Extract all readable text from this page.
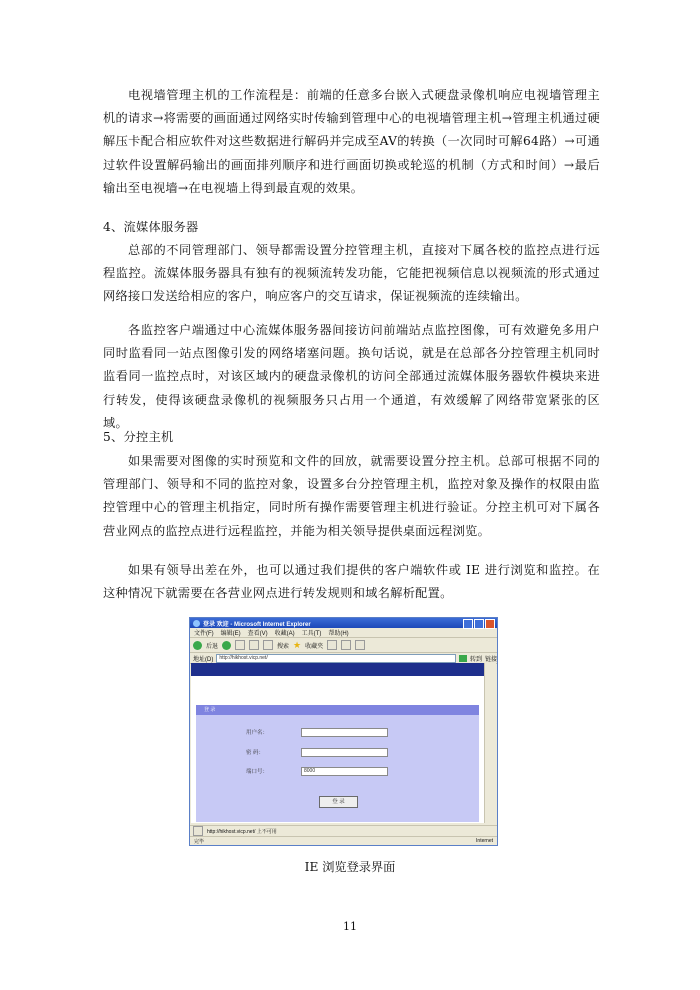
电视墙管理主机的工作流程是：前端的任意多台嵌入式硬盘录像机响应电视墙管理主机的请求→将需要的画面通过网络实时传输到管理中心的电视墙管理主机→管理主机通过硬解压卡配合相应软件对这些数据进行解码并完成至AV的转换（一次同时可解64路）→可通过软件设置解码输出的画面排列顺序和进行画面切换或轮巡的机制（方式和时间）→最后输出至电视墙→在电视墙上得到最直观的效果。

4、流媒体服务器

总部的不同管理部门、领导都需设置分控管理主机，直接对下属各校的监控点进行远程监控。流媒体服务器具有独有的视频流转发功能，它能把视频信息以视频流的形式通过网络接口发送给相应的客户，响应客户的交互请求，保证视频流的连续输出。

各监控客户端通过中心流媒体服务器间接访问前端站点监控图像，可有效避免多用户同时监看同一站点图像引发的网络堵塞问题。换句话说，就是在总部各分控管理主机同时监看同一监控点时，对该区域内的硬盘录像机的访问全部通过流媒体服务器软件模块来进行转发，使得该硬盘录像机的视频服务只占用一个通道，有效缓解了网络带宽紧张的区域。

5、分控主机

如果需要对图像的实时预览和文件的回放，就需要设置分控主机。总部可根据不同的管理部门、领导和不同的监控对象，设置多台分控管理主机，监控对象及操作的权限由监控管理中心的管理主机指定，同时所有操作需要管理主机进行验证。分控主机可对下属各营业网点的监控点进行远程监控，并能为相关领导提供桌面远程浏览。

如果有领导出差在外，也可以通过我们提供的客户端软件或 IE 进行浏览和监控。在这种情况下就需要在各营业网点进行转发规则和域名解析配置。

登录 欢迎 - Microsoft Internet Explorer
文件(F) 编辑(E) 查看(V) 收藏(A) 工具(T) 帮助(H)
后退	搜索 ★ 收藏夹
地址(D)	http://hikhost.vicp.net/	转到 链接
登 录
用户名：
密 码：
端口号：	8000
登 录
http://hikhost.vicp.net/ 上不可用
完毕	Internet
IE 浏览登录界面
11
